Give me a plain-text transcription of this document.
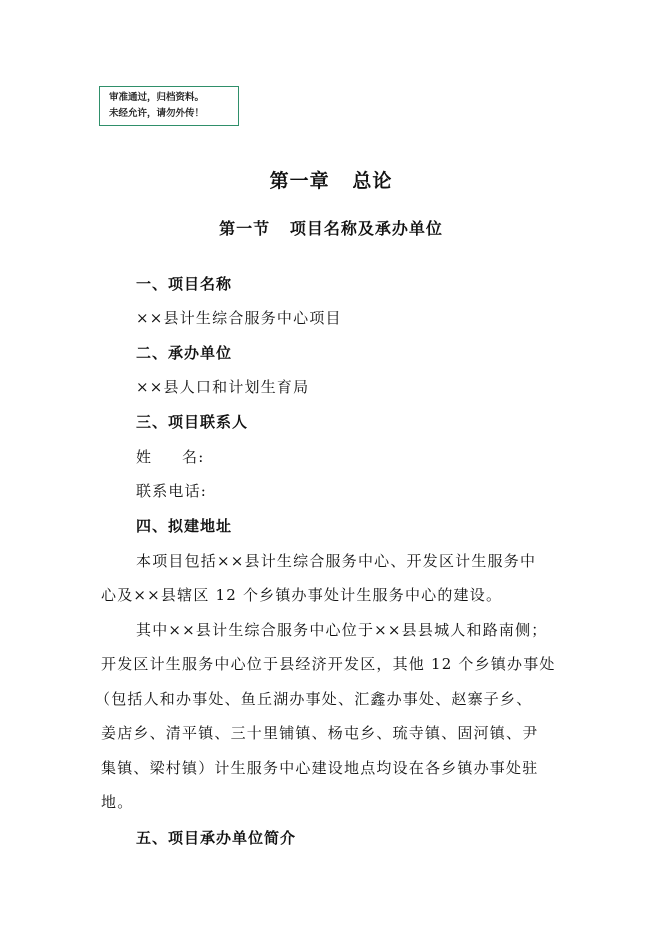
审准通过，归档资料。
未经允许，请勿外传！
第一章   总论
第一节   项目名称及承办单位
一、项目名称
××县计生综合服务中心项目
二、承办单位
××县人口和计划生育局
三、项目联系人
姓     名:
联系电话:
四、拟建地址
本项目包括××县计生综合服务中心、开发区计生服务中
心及××县辖区 12 个乡镇办事处计生服务中心的建设。
其中××县计生综合服务中心位于××县县城人和路南侧；
开发区计生服务中心位于县经济开发区，其他 12 个乡镇办事处
（包括人和办事处、鱼丘湖办事处、汇鑫办事处、赵寨子乡、
姜店乡、清平镇、三十里铺镇、杨屯乡、琉寺镇、固河镇、尹
集镇、梁村镇）计生服务中心建设地点均设在各乡镇办事处驻
地。
五、项目承办单位简介
